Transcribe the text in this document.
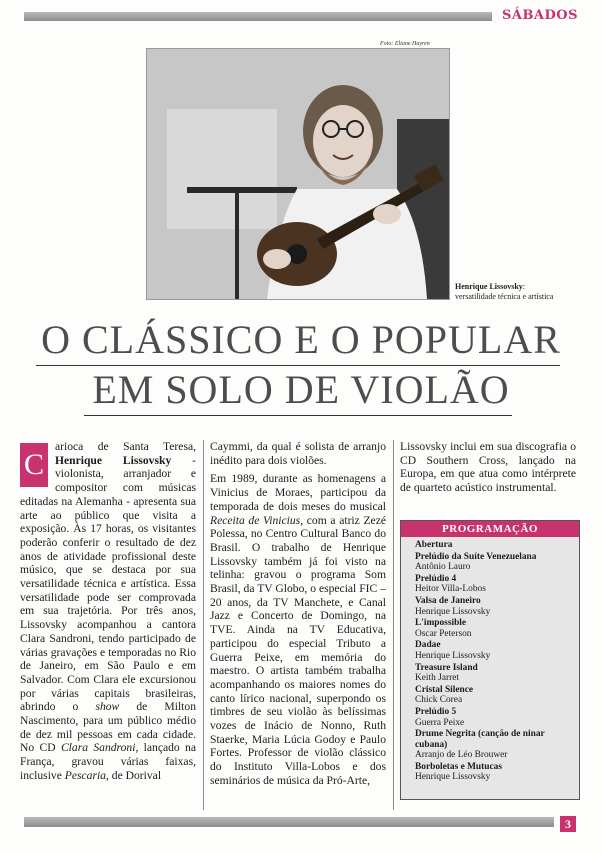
SÁBADOS
Foto: Eliane Hayren
Henrique Lissovsky:
versatilidade técnica e artística
O CLÁSSICO E O POPULAR
EM SOLO DE VIOLÃO

C
arioca de Santa Teresa, Henrique Lissovsky - violonista, arranjador e compositor com músicas editadas na Alemanha - apresenta sua arte ao público que visita a exposição. Às 17 horas, os visitantes poderão conferir o resultado de dez anos de atividade profissional deste músico, que se destaca por sua versatilidade técnica e artística. Essa versatilidade pode ser comprovada em sua trajetória. Por três anos, Lissovsky acompanhou a cantora Clara Sandroni, tendo participado de várias gravações e temporadas no Rio de Janeiro, em São Paulo e em Salvador. Com Clara ele excursionou por várias capitais brasileiras, abrindo o show de Milton Nascimento, para um público médio de dez mil pessoas em cada cidade. No CD Clara Sandroni, lançado na França, gravou várias faixas, inclusive Pescaria, de Dorival

Caymmi, da qual é solista de arranjo inédito para dois violões.

Em 1989, durante as homenagens a Vinicius de Moraes, participou da temporada de dois meses do musical Receita de Vinicius, com a atriz Zezé Polessa, no Centro Cultural Banco do Brasil. O trabalho de Henrique Lissovsky também já foi visto na telinha: gravou o programa Som Brasil, da TV Globo, o especial FIC – 20 anos, da TV Manchete, e Canal Jazz e Concerto de Domingo, na TVE. Ainda na TV Educativa, participou do especial Tributo a Guerra Peixe, em memória do maestro. O artista também trabalha acompanhando os maiores nomes do canto lírico nacional, superpondo os timbres de seu violão às belíssimas vozes de Inácio de Nonno, Ruth Staerke, Maria Lúcia Godoy e Paulo Fortes. Professor de violão clássico do Instituto Villa-Lobos e dos seminários de música da Pró-Arte,

Lissovsky inclui em sua discografia o CD Southern Cross, lançado na Europa, em que atua como intérprete de quarteto acústico instrumental.

PROGRAMAÇÃO
Abertura
Prelúdio da Suíte Venezuelana
Antônio Lauro
Prelúdio 4
Heitor Villa-Lobos
Valsa de Janeiro
Henrique Lissovsky
L'impossible
Oscar Peterson
Dadae
Henrique Lissovsky
Treasure Island
Keith Jarret
Cristal Silence
Chick Corea
Prelúdio 5
Guerra Peixe
Drume Negrita (canção de ninar cubana)
Arranjo de Léo Brouwer
Borboletas e Mutucas
Henrique Lissovsky
3
